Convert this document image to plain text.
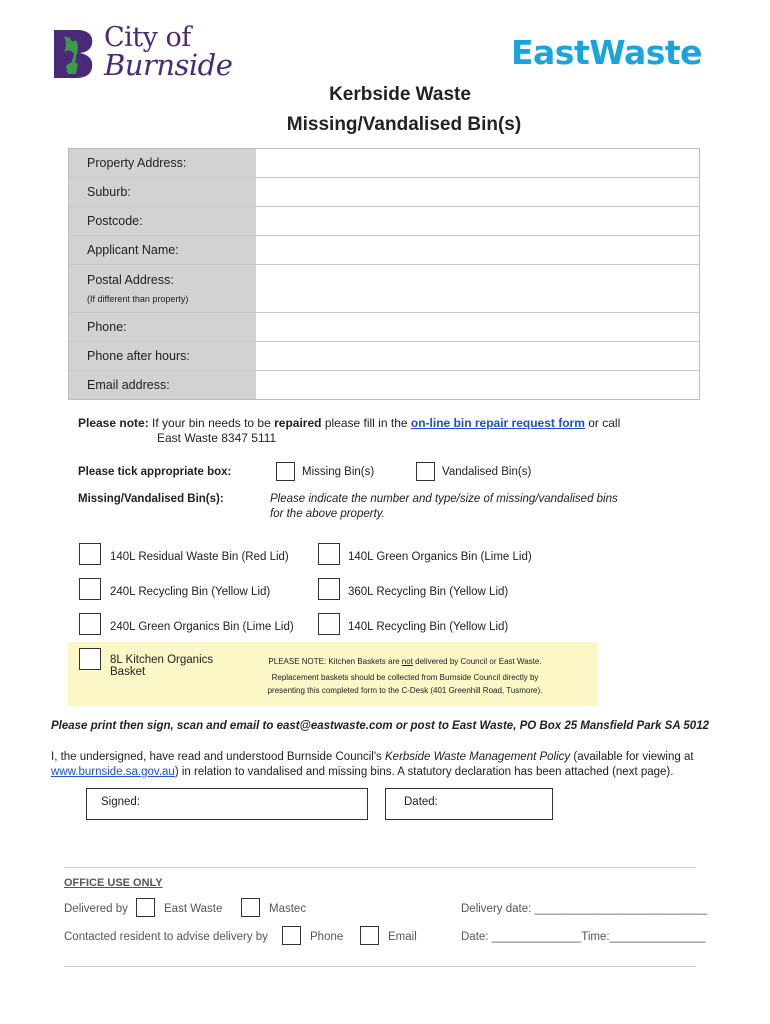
City of
Burnside	EastWaste
Kerbside Waste
Missing/Vandalised Bin(s)
Property Address:
Suburb:
Postcode:
Applicant Name:
Postal Address:
(If different than property)
Phone:
Phone after hours:
Email address:
Please note: If your bin needs to be repaired please fill in the on-line bin repair request form or call
East Waste 8347 5111
Please tick appropriate box:	Missing Bin(s)	Vandalised Bin(s)
Missing/Vandalised Bin(s):	Please indicate the number and type/size of missing/vandalised bins
for the above property.
140L Residual Waste Bin (Red Lid)	140L Green Organics Bin (Lime Lid)
240L Recycling Bin (Yellow Lid)	360L Recycling Bin (Yellow Lid)
240L Green Organics Bin (Lime Lid)	140L Recycling Bin (Yellow Lid)
8L Kitchen Organics
Basket
PLEASE NOTE: Kitchen Baskets are not delivered by Council or East Waste.
Replacement baskets should be collected from Burnside Council directly by
presenting this completed form to the C-Desk (401 Greenhill Road, Tusmore).
Please print then sign, scan and email to east@eastwaste.com or post to East Waste, PO Box 25 Mansfield Park SA 5012
I, the undersigned, have read and understood Burnside Council's Kerbside Waste Management Policy (available for viewing at www.burnside.sa.gov.au) in relation to vandalised and missing bins. A statutory declaration has been attached (next page).
Signed:	Dated:
OFFICE USE ONLY
Delivered by	East Waste	Mastec	Delivery date: ___________________________
Contacted resident to advise delivery by	Phone	Email	Date: ______________Time:_______________
